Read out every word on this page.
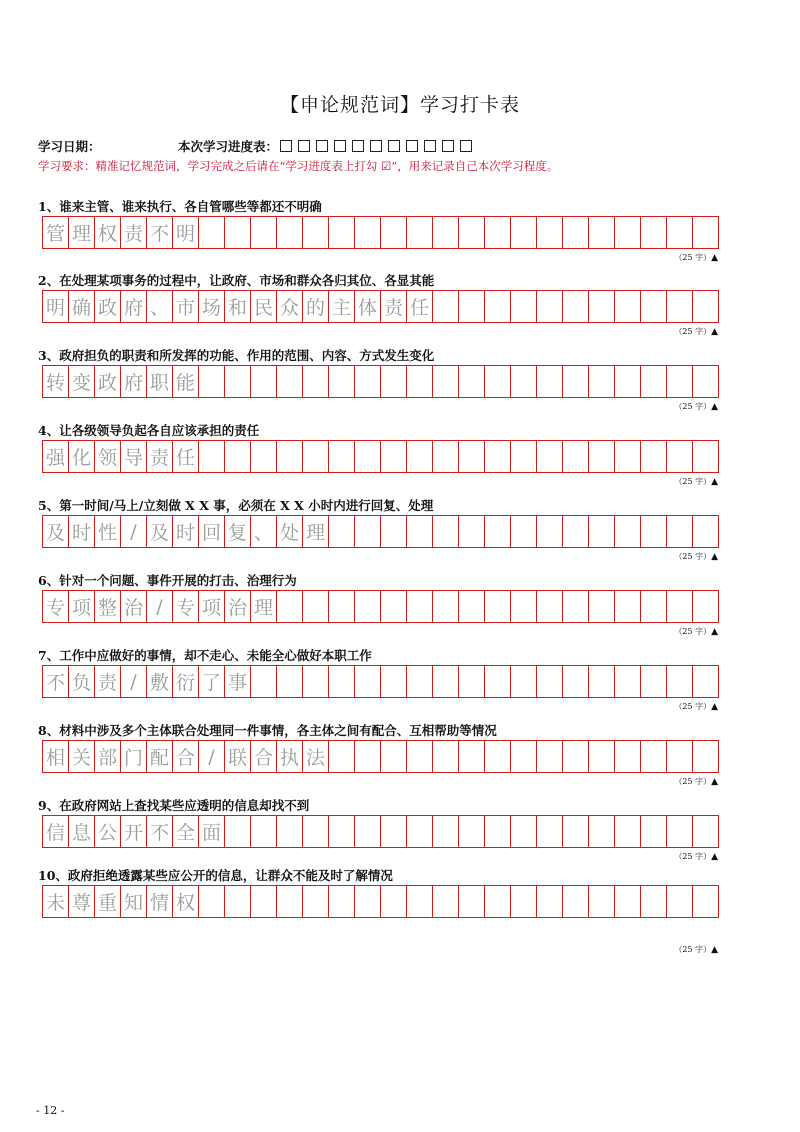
【申论规范词】学习打卡表
学习日期：	本次学习进度表：
学习要求：精准记忆规范词，学习完成之后请在“学习进度表上打勾 ☑”，用来记录自己本次学习程度。
1、谁来主管、谁来执行、各自管哪些等都还不明确
管 理 权 责 不 明
（25 字）▲
2、在处理某项事务的过程中，让政府、市场和群众各归其位、各显其能
明 确 政 府 、 市 场 和 民 众 的 主 体 责 任
（25 字）▲
3、政府担负的职责和所发挥的功能、作用的范围、内容、方式发生变化
转 变 政 府 职 能
（25 字）▲
4、让各级领导负起各自应该承担的责任
强 化 领 导 责 任
（25 字）▲
5、第一时间/马上/立刻做 X X 事，必须在 X X 小时内进行回复、处理
及 时 性 / 及 时 回 复 、 处 理
（25 字）▲
6、针对一个问题、事件开展的打击、治理行为
专 项 整 治 / 专 项 治 理
（25 字）▲
7、工作中应做好的事情，却不走心、未能全心做好本职工作
不 负 责 / 敷 衍 了 事
（25 字）▲
8、材料中涉及多个主体联合处理同一件事情，各主体之间有配合、互相帮助等情况
相 关 部 门 配 合 / 联 合 执 法
（25 字）▲
9、在政府网站上查找某些应透明的信息却找不到
信 息 公 开 不 全 面
（25 字）▲
10、政府拒绝透露某些应公开的信息，让群众不能及时了解情况
未 尊 重 知 情 权
（25 字）▲
- 12 -
